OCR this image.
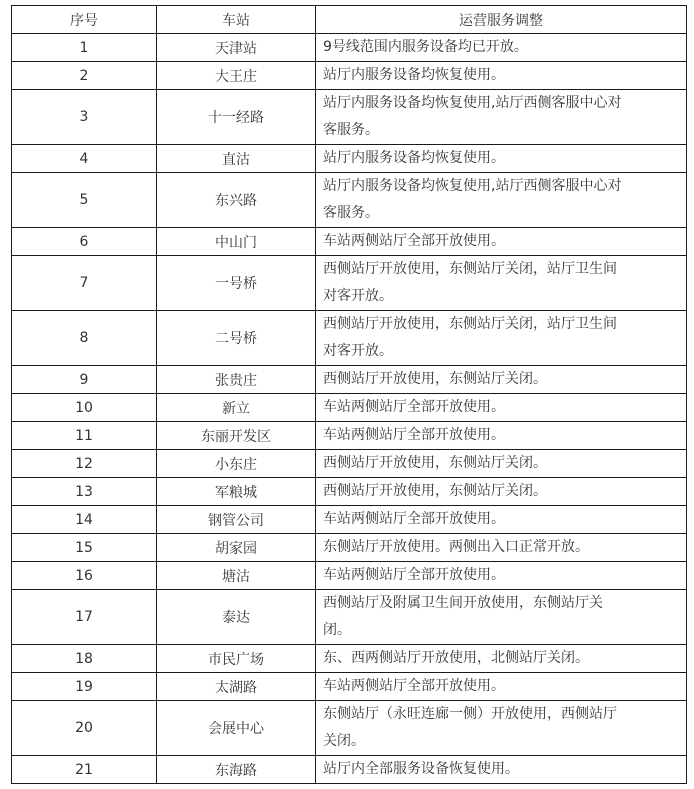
序号	车站	运营服务调整
1	天津站	9号线范围内服务设备均已开放。

2	大王庄	站厅内服务设备均恢复使用。

3	十一经路	站厅内服务设备均恢复使用,站厅西侧客服中心对
客服务。

4	直沽	站厅内服务设备均恢复使用。

5	东兴路	站厅内服务设备均恢复使用,站厅西侧客服中心对
客服务。

6	中山门	车站两侧站厅全部开放使用。

7	一号桥	西侧站厅开放使用，东侧站厅关闭，站厅卫生间
对客开放。

8	二号桥	西侧站厅开放使用，东侧站厅关闭，站厅卫生间
对客开放。

9	张贵庄	西侧站厅开放使用，东侧站厅关闭。

10	新立	车站两侧站厅全部开放使用。

11	东丽开发区	车站两侧站厅全部开放使用。

12	小东庄	西侧站厅开放使用，东侧站厅关闭。

13	军粮城	西侧站厅开放使用，东侧站厅关闭。

14	钢管公司	车站两侧站厅全部开放使用。

15	胡家园	东侧站厅开放使用。两侧出入口正常开放。

16	塘沽	车站两侧站厅全部开放使用。

17	泰达	西侧站厅及附属卫生间开放使用，东侧站厅关
闭。

18	市民广场	东、西两侧站厅开放使用，北侧站厅关闭。

19	太湖路	车站两侧站厅全部开放使用。

20	会展中心	东侧站厅（永旺连廊一侧）开放使用，西侧站厅
关闭。

21	东海路	站厅内全部服务设备恢复使用。
